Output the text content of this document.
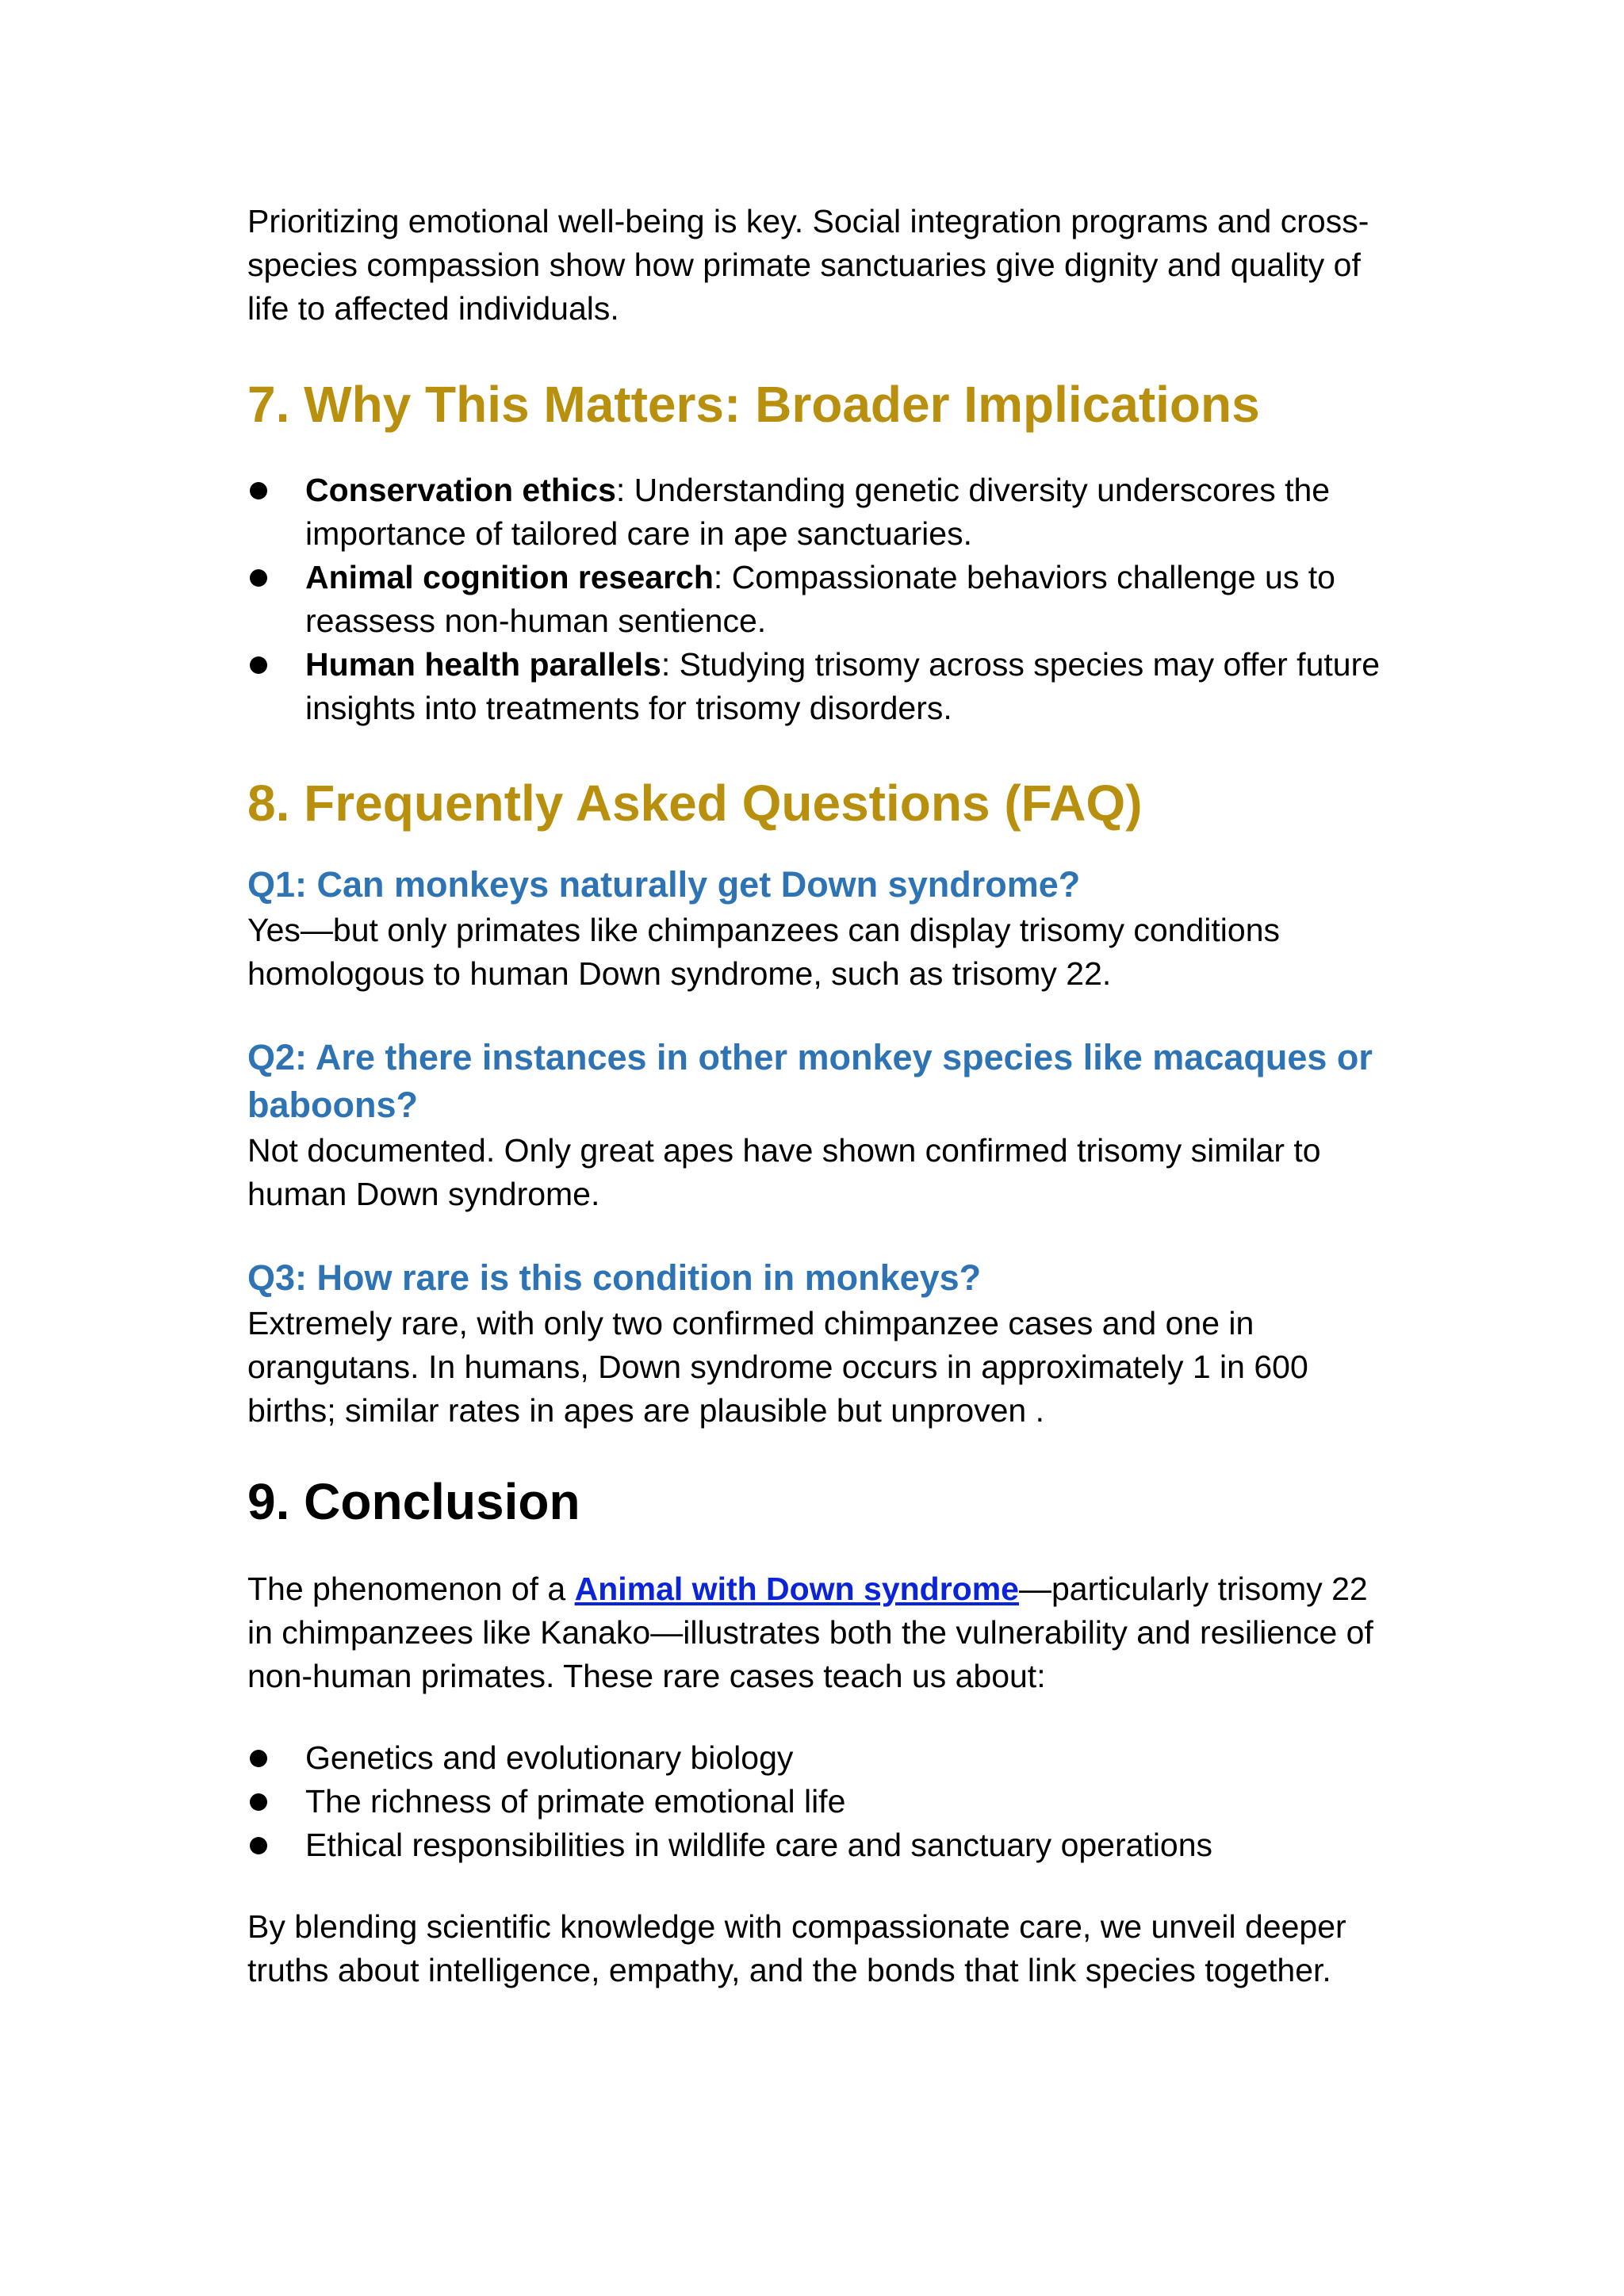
Prioritizing emotional well-being is key. Social integration programs and cross-species compassion show how primate sanctuaries give dignity and quality of life to affected individuals.

7. Why This Matters: Broader Implications
Conservation ethics: Understanding genetic diversity underscores the importance of tailored care in ape sanctuaries.
Animal cognition research: Compassionate behaviors challenge us to reassess non-human sentience.
Human health parallels: Studying trisomy across species may offer future insights into treatments for trisomy disorders.
8. Frequently Asked Questions (FAQ)
Q1: Can monkeys naturally get Down syndrome?

Yes—but only primates like chimpanzees can display trisomy conditions homologous to human Down syndrome, such as trisomy 22.

Q2: Are there instances in other monkey species like macaques or baboons?

Not documented. Only great apes have shown confirmed trisomy similar to human Down syndrome.

Q3: How rare is this condition in monkeys?

Extremely rare, with only two confirmed chimpanzee cases and one in orangutans. In humans, Down syndrome occurs in approximately 1 in 600 births; similar rates in apes are plausible but unproven .

9. Conclusion

The phenomenon of a Animal with Down syndrome—particularly trisomy 22 in chimpanzees like Kanako—illustrates both the vulnerability and resilience of non-human primates. These rare cases teach us about:

Genetics and evolutionary biology
The richness of primate emotional life
Ethical responsibilities in wildlife care and sanctuary operations

By blending scientific knowledge with compassionate care, we unveil deeper truths about intelligence, empathy, and the bonds that link species together.
